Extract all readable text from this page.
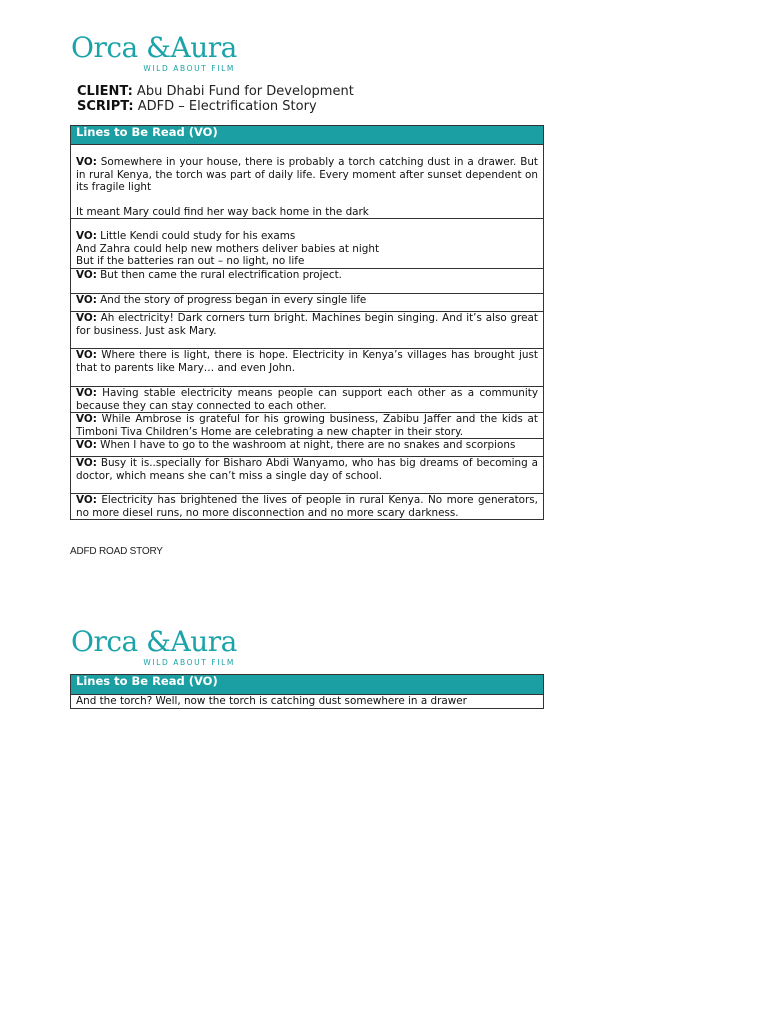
Orca &Aura
WILD ABOUT FILM
CLIENT: Abu Dhabi Fund for Development
SCRIPT: ADFD – Electrification Story
Lines to Be Read (VO)
VO: Somewhere in your house, there is probably a torch catching dust in a drawer. But in rural Kenya, the torch was part of daily life. Every moment after sunset dependent on its fragile light
It meant Mary could find her way back home in the dark
VO: Little Kendi could study for his exams
And Zahra could help new mothers deliver babies at night
But if the batteries ran out – no light, no life
VO: But then came the rural electrification project.
VO: And the story of progress began in every single life
VO: Ah electricity! Dark corners turn bright. Machines begin singing. And it’s also great for business. Just ask Mary.
VO: Where there is light, there is hope. Electricity in Kenya’s villages has brought just that to parents like Mary… and even John.
VO: Having stable electricity means people can support each other as a community because they can stay connected to each other.
VO: While Ambrose is grateful for his growing business, Zabibu Jaffer and the kids at Timboni Tiva Children’s Home are celebrating a new chapter in their story.
VO: When I have to go to the washroom at night, there are no snakes and scorpions
VO: Busy it is..specially for Bisharo Abdi Wanyamo, who has big dreams of becoming a doctor, which means she can’t miss a single day of school.
VO: Electricity has brightened the lives of people in rural Kenya. No more generators, no more diesel runs, no more disconnection and no more scary darkness.
ADFD ROAD STORY
Orca &Aura
WILD ABOUT FILM
Lines to Be Read (VO)
And the torch? Well, now the torch is catching dust somewhere in a drawer
